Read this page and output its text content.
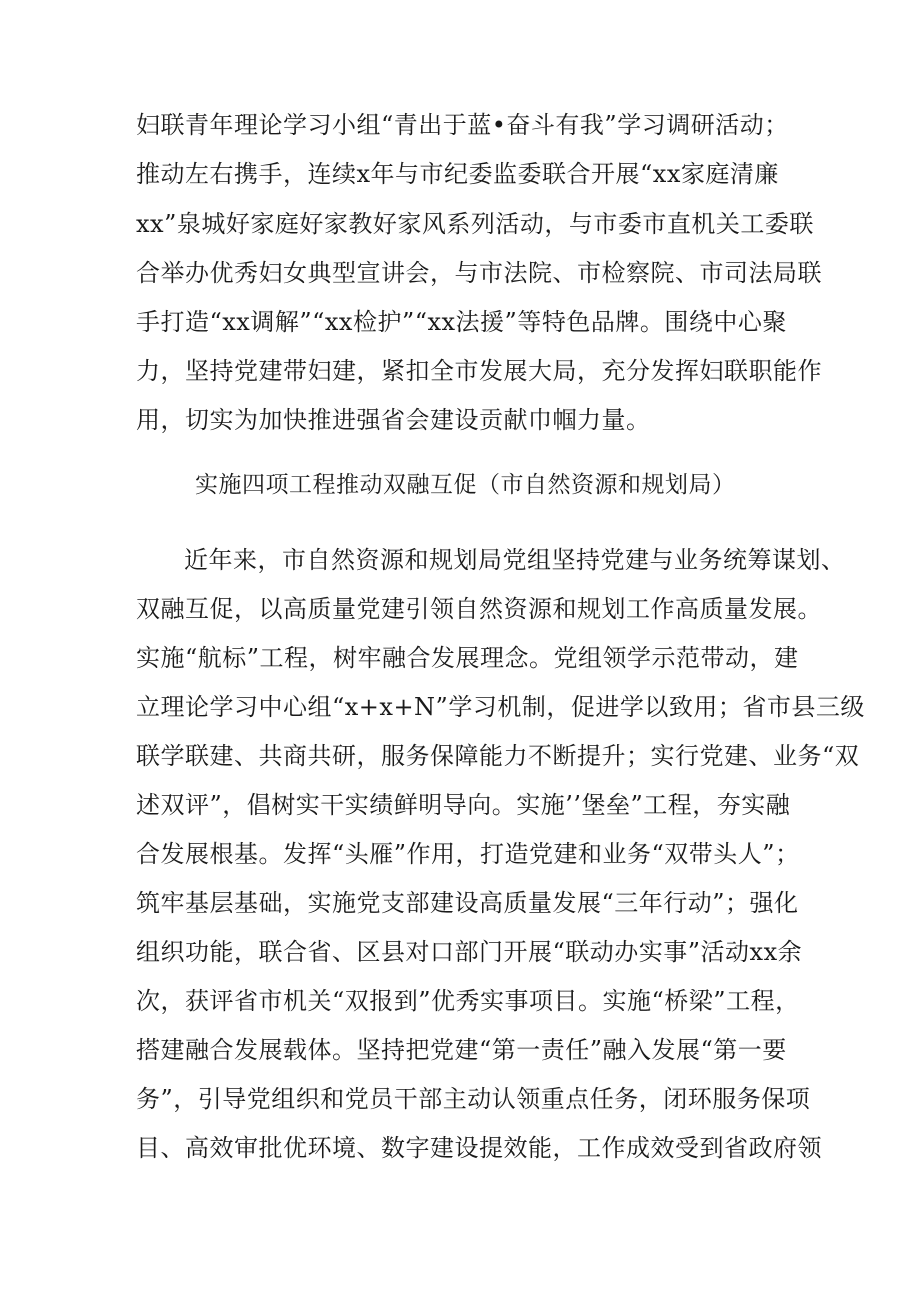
妇联青年理论学习小组“青出于蓝•奋斗有我”学习调研活动；
推动左右携手，连续x年与市纪委监委联合开展“xx家庭清廉
xx”泉城好家庭好家教好家风系列活动，与市委市直机关工委联
合举办优秀妇女典型宣讲会，与市法院、市检察院、市司法局联
手打造“xx调解”“xx检护”“xx法援”等特色品牌。围绕中心聚
力，坚持党建带妇建，紧扣全市发展大局，充分发挥妇联职能作
用，切实为加快推进强省会建设贡献巾帼力量。
实施四项工程推动双融互促（市自然资源和规划局）
近年来，市自然资源和规划局党组坚持党建与业务统筹谋划、
双融互促，以高质量党建引领自然资源和规划工作高质量发展。
实施“航标”工程，树牢融合发展理念。党组领学示范带动，建
立理论学习中心组“x+x+N”学习机制，促进学以致用；省市县三级
联学联建、共商共研，服务保障能力不断提升；实行党建、业务“双
述双评”，倡树实干实绩鲜明导向。实施’’堡垒”工程，夯实融
合发展根基。发挥“头雁”作用，打造党建和业务“双带头人”；
筑牢基层基础，实施党支部建设高质量发展“三年行动”；强化
组织功能，联合省、区县对口部门开展“联动办实事”活动xx余
次，获评省市机关“双报到”优秀实事项目。实施“桥梁”工程，
搭建融合发展载体。坚持把党建“第一责任”融入发展“第一要
务”，引导党组织和党员干部主动认领重点任务，闭环服务保项
目、高效审批优环境、数字建设提效能，工作成效受到省政府领
